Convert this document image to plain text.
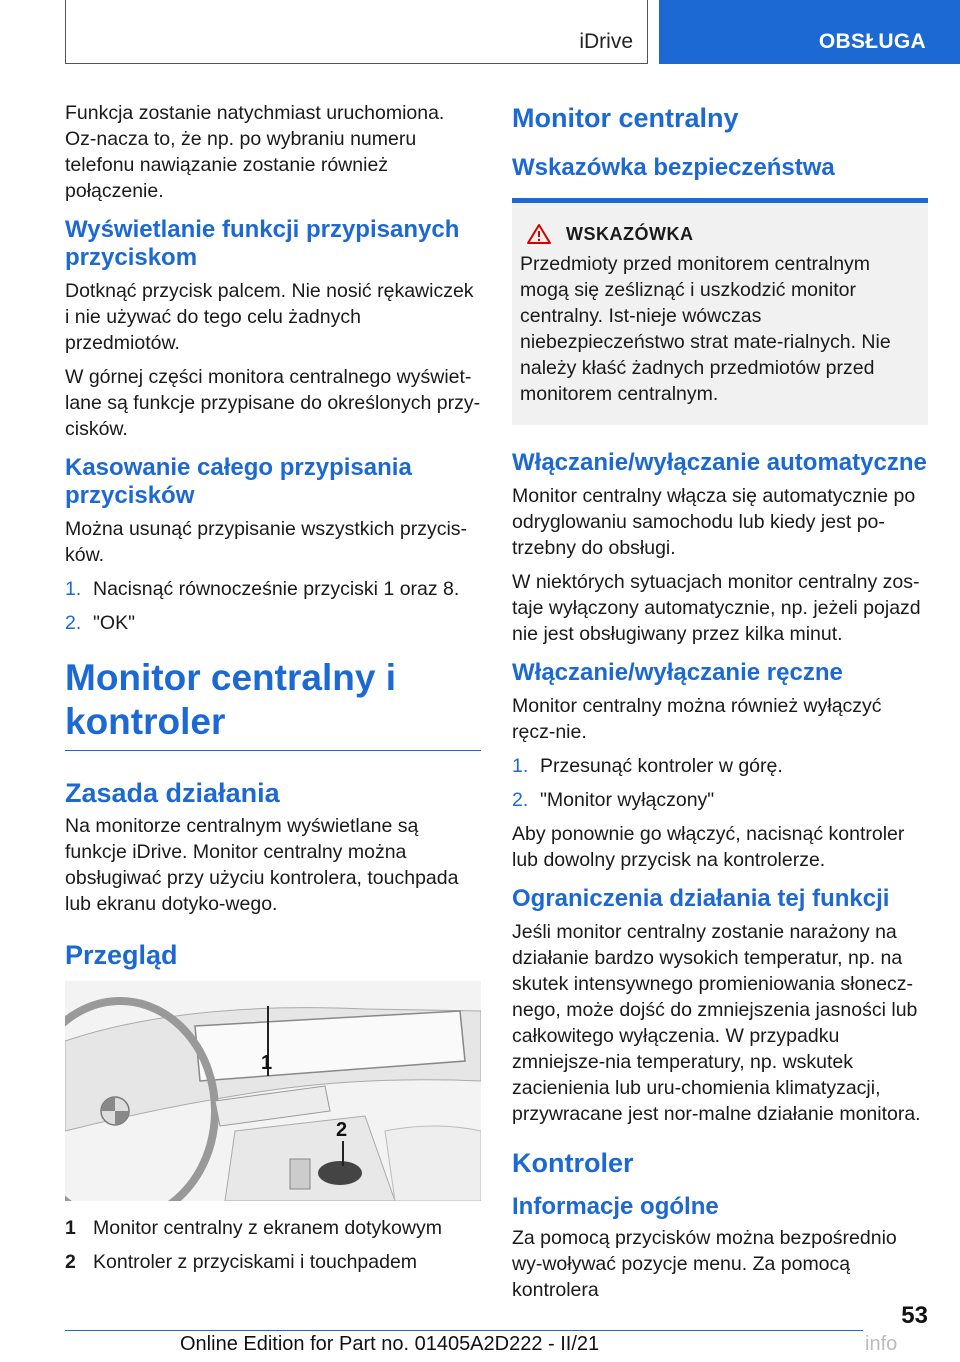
iDrive	OBSŁUGA

Funkcja zostanie natychmiast uruchomiona. Oz-nacza to, że np. po wybraniu numeru telefonu nawiązanie zostanie również połączenie.

Wyświetlanie funkcji przypisanych przyciskom

Dotknąć przycisk palcem. Nie nosić rękawiczek i nie używać do tego celu żadnych przedmiotów.

W górnej części monitora centralnego wyświet-lane są funkcje przypisane do określonych przy-cisków.

Kasowanie całego przypisania przycisków

Można usunąć przypisanie wszystkich przycis-ków.

1. Nacisnąć równocześnie przyciski 1 oraz 8.
2. "OK"
Monitor centralny i kontroler
Zasada działania

Na monitorze centralnym wyświetlane są funkcje iDrive. Monitor centralny można obsługiwać przy użyciu kontrolera, touchpada lub ekranu dotyko-wego.

Przegląd
1
2
1 Monitor centralny z ekranem dotykowym
2 Kontroler z przyciskami i touchpadem
Monitor centralny
Wskazówka bezpieczeństwa
WSKAZÓWKA

Przedmioty przed monitorem centralnym mogą się ześliznąć i uszkodzić monitor centralny. Ist-nieje wówczas niebezpieczeństwo strat mate-rialnych. Nie należy kłaść żadnych przedmiotów przed monitorem centralnym.

Włączanie/wyłączanie automatyczne

Monitor centralny włącza się automatycznie po odryglowaniu samochodu lub kiedy jest po-trzebny do obsługi.

W niektórych sytuacjach monitor centralny zos-taje wyłączony automatycznie, np. jeżeli pojazd nie jest obsługiwany przez kilka minut.

Włączanie/wyłączanie ręczne

Monitor centralny można również wyłączyć ręcz-nie.

1. Przesunąć kontroler w górę.
2. "Monitor wyłączony"

Aby ponownie go włączyć, nacisnąć kontroler lub dowolny przycisk na kontrolerze.

Ograniczenia działania tej funkcji

Jeśli monitor centralny zostanie narażony na działanie bardzo wysokich temperatur, np. na skutek intensywnego promieniowania słonecz-nego, może dojść do zmniejszenia jasności lub całkowitego wyłączenia. W przypadku zmniejsze-nia temperatury, np. wskutek zacienienia lub uru-chomienia klimatyzacji, przywracane jest nor-malne działanie monitora.

Kontroler
Informacje ogólne

Za pomocą przycisków można bezpośrednio wy-woływać pozycje menu. Za pomocą kontrolera

53
Online Edition for Part no. 01405A2D222 - II/21	info
